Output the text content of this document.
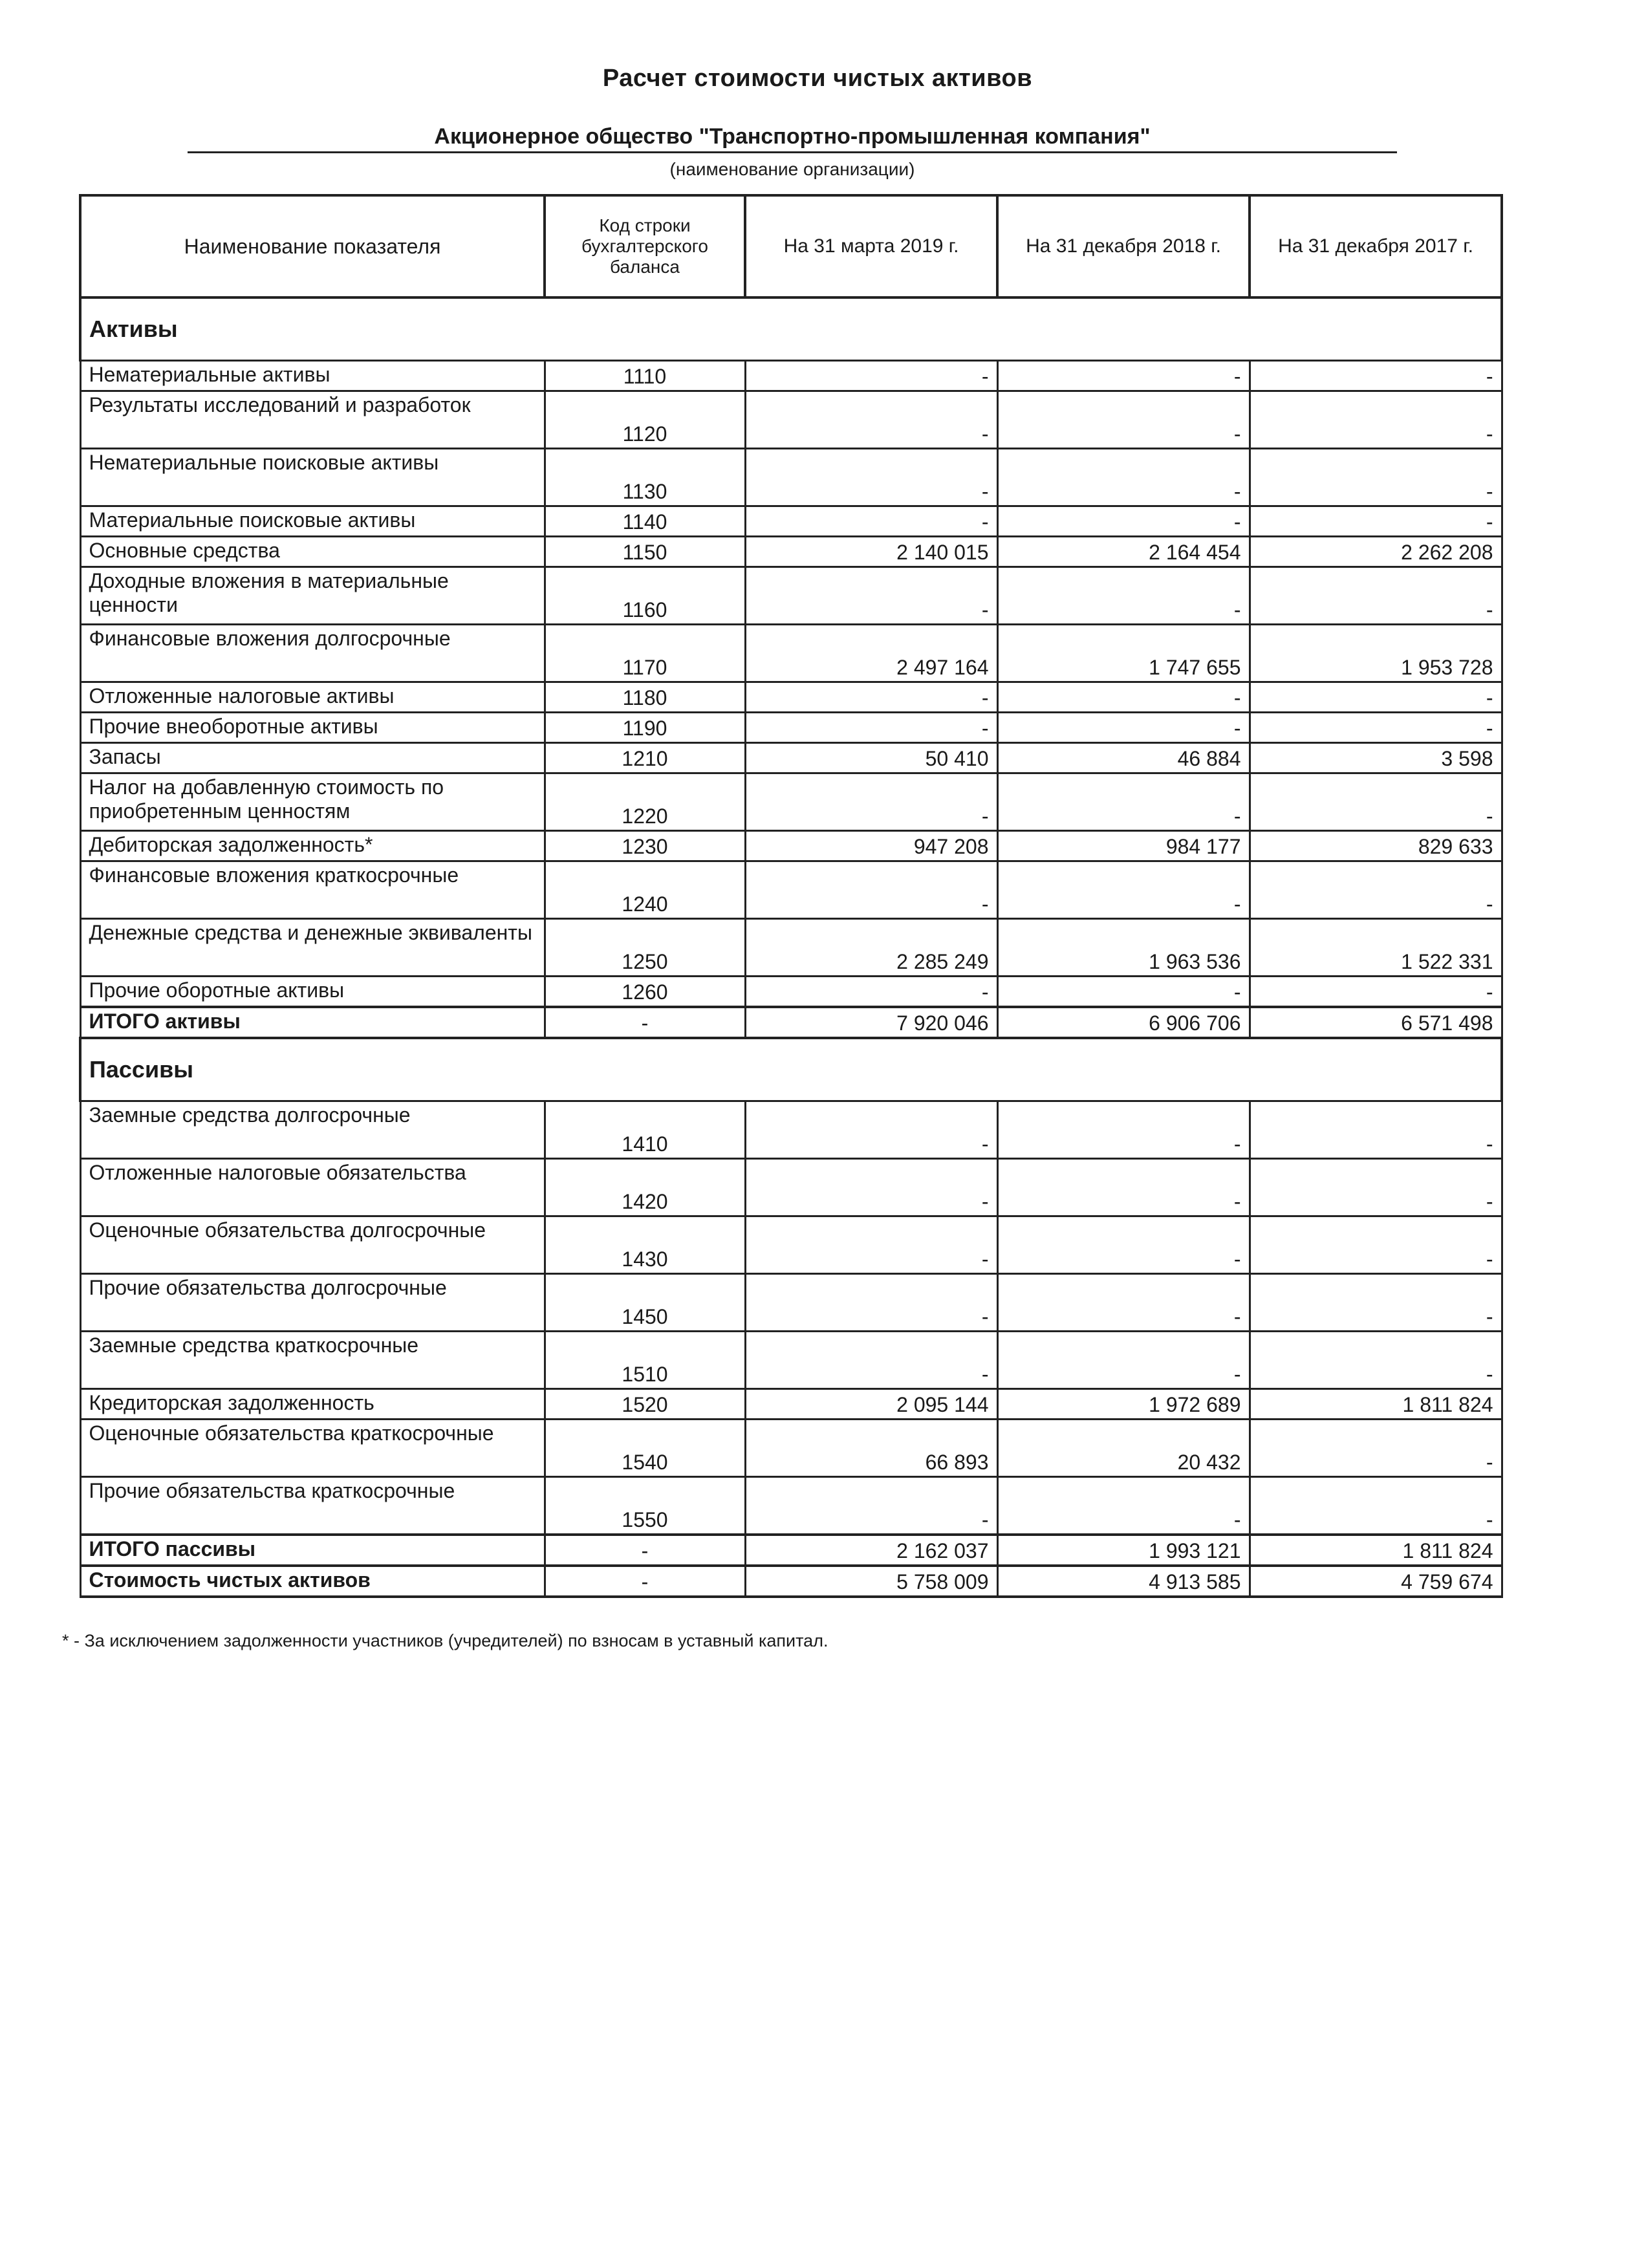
Расчет стоимости чистых активов
Акционерное общество "Транспортно-промышленная компания"
(наименование организации)
Наименование показателя	Код строки бухгалтерского баланса	На 31 марта 2019 г.	На 31 декабря 2018 г.	На 31 декабря 2017 г.
Активы				
Нематериальные активы	1110	-	-	-
Результаты исследований и разработок	1120	-	-	-
Нематериальные поисковые активы	1130	-	-	-
Материальные поисковые активы	1140	-	-	-
Основные средства	1150	2 140 015	2 164 454	2 262 208
Доходные вложения в материальные ценности	1160	-	-	-
Финансовые вложения долгосрочные	1170	2 497 164	1 747 655	1 953 728
Отложенные налоговые активы	1180	-	-	-
Прочие внеоборотные активы	1190	-	-	-
Запасы	1210	50 410	46 884	3 598
Налог на добавленную стоимость по приобретенным ценностям	1220	-	-	-
Дебиторская задолженность*	1230	947 208	984 177	829 633
Финансовые вложения краткосрочные	1240	-	-	-
Денежные средства и денежные эквиваленты	1250	2 285 249	1 963 536	1 522 331
Прочие оборотные активы	1260	-	-	-
ИТОГО активы	-	7 920 046	6 906 706	6 571 498
Пассивы				
Заемные средства долгосрочные	1410	-	-	-
Отложенные налоговые обязательства	1420	-	-	-
Оценочные обязательства долгосрочные	1430	-	-	-
Прочие обязательства долгосрочные	1450	-	-	-
Заемные средства краткосрочные	1510	-	-	-
Кредиторская задолженность	1520	2 095 144	1 972 689	1 811 824
Оценочные обязательства краткосрочные	1540	66 893	20 432	-
Прочие обязательства краткосрочные	1550	-	-	-
ИТОГО пассивы	-	2 162 037	1 993 121	1 811 824
Стоимость чистых активов	-	5 758 009	4 913 585	4 759 674
* - За исключением задолженности участников (учредителей) по взносам в уставный капитал.
